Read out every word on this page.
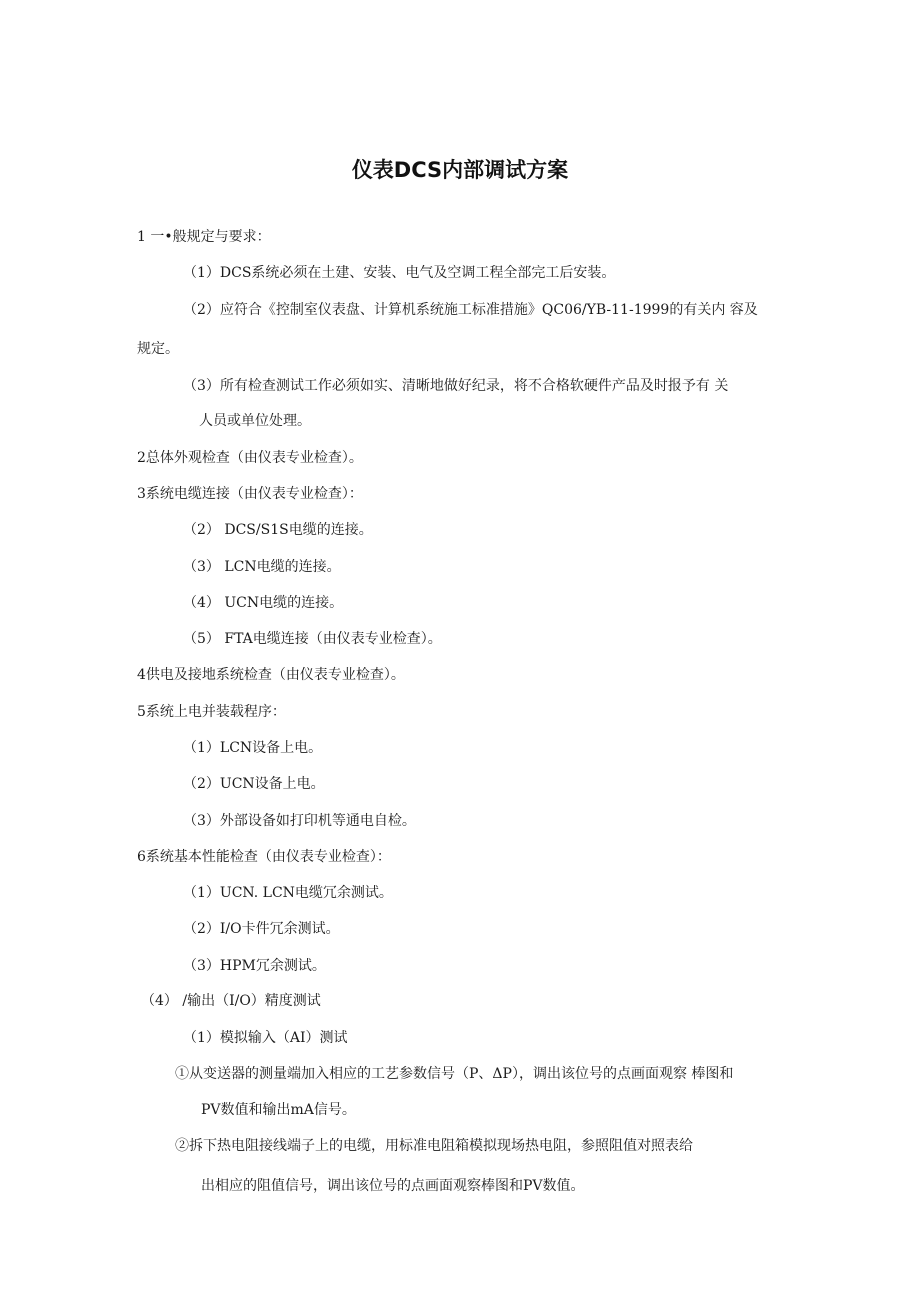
仪表DCS内部调试方案
1 一•般规定与要求：
（1）DCS系统必须在土建、安装、电气及空调工程全部完工后安装。
（2）应符合《控制室仪表盘、计算机系统施工标准措施》QC06/YB-11-1999的有关内 容及
规定。
（3）所有检查测试工作必须如实、清晰地做好纪录，将不合格软硬件产品及时报予有 关
人员或单位处理。
2总体外观检查（由仪表专业检查）。
3系统电缆连接（由仪表专业检查）：
（2） DCS/S1S电缆的连接。
（3） LCN电缆的连接。
（4） UCN电缆的连接。
（5） FTA电缆连接（由仪表专业检查）。
4供电及接地系统检查（由仪表专业检查）。
5系统上电并装载程序：
（1）LCN设备上电。
（2）UCN设备上电。
（3）外部设备如打印机等通电自检。
6系统基本性能检查（由仪表专业检查）：
（1）UCN. LCN电缆冗余测试。
（2）I/O卡件冗余测试。
（3）HPM冗余测试。
（4） /输出（I/O）精度测试
（1）模拟输入（AI）测试
①从变送器的测量端加入相应的工艺参数信号（P、ΔP），调出该位号的点画面观察 棒图和
PV数值和输出mA信号。
②拆下热电阻接线端子上的电缆，用标准电阻箱模拟现场热电阻，参照阻值对照表给
出相应的阻值信号，调出该位号的点画面观察棒图和PV数值。
